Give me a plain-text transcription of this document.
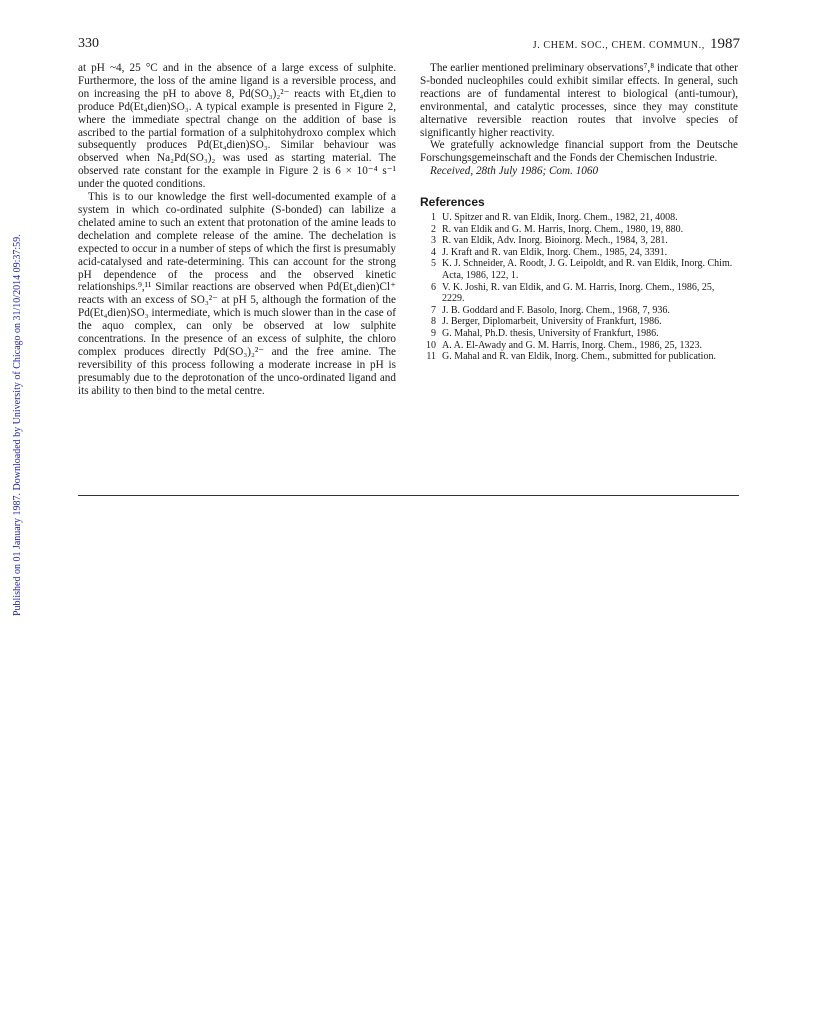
330	J. CHEM. SOC., CHEM. COMMUN., 1987
Published on 01 January 1987. Downloaded by University of Chicago on 31/10/2014 09:37:59.

at pH ~4, 25 °C and in the absence of a large excess of sulphite. Furthermore, the loss of the amine ligand is a reversible process, and on increasing the pH to above 8, Pd(SO₃)₂²⁻ reacts with Et₄dien to produce Pd(Et₄dien)SO₃. A typical example is presented in Figure 2, where the immediate spectral change on the addition of base is ascribed to the partial formation of a sulphitohydroxo complex which subsequently produces Pd(Et₄dien)SO₃. Similar behaviour was observed when Na₂Pd(SO₃)₂ was used as starting material. The observed rate constant for the example in Figure 2 is 6 × 10⁻⁴ s⁻¹ under the quoted conditions.

This is to our knowledge the first well-documented example of a system in which co-ordinated sulphite (S-bonded) can labilize a chelated amine to such an extent that protonation of the amine leads to dechelation and complete release of the amine. The dechelation is expected to occur in a number of steps of which the first is presumably acid-catalysed and rate-determining. This can account for the strong pH dependence of the process and the observed kinetic relationships.⁹,¹¹ Similar reactions are observed when Pd(Et₄dien)Cl⁺ reacts with an excess of SO₃²⁻ at pH 5, although the formation of the Pd(Et₄dien)SO₃ intermediate, which is much slower than in the case of the aquo complex, can only be observed at low sulphite concentrations. In the presence of an excess of sulphite, the chloro complex produces directly Pd(SO₃)₂²⁻ and the free amine. The reversibility of this process following a moderate increase in pH is presumably due to the deprotonation of the unco-ordinated ligand and its ability to then bind to the metal centre.

The earlier mentioned preliminary observations⁷,⁸ indicate that other S-bonded nucleophiles could exhibit similar effects. In general, such reactions are of fundamental interest to biological (anti-tumour), environmental, and catalytic processes, since they may constitute alternative reversible reaction routes that involve species of significantly higher reactivity.

We gratefully acknowledge financial support from the Deutsche Forschungsgemeinschaft and the Fonds der Chemischen Industrie.

Received, 28th July 1986; Com. 1060

References
1 U. Spitzer and R. van Eldik, Inorg. Chem., 1982, 21, 4008.
2 R. van Eldik and G. M. Harris, Inorg. Chem., 1980, 19, 880.
3 R. van Eldik, Adv. Inorg. Bioinorg. Mech., 1984, 3, 281.
4 J. Kraft and R. van Eldik, Inorg. Chem., 1985, 24, 3391.
5 K. J. Schneider, A. Roodt, J. G. Leipoldt, and R. van Eldik, Inorg. Chim. Acta, 1986, 122, 1.
6 V. K. Joshi, R. van Eldik, and G. M. Harris, Inorg. Chem., 1986, 25, 2229.
7 J. B. Goddard and F. Basolo, Inorg. Chem., 1968, 7, 936.
8 J. Berger, Diplomarbeit, University of Frankfurt, 1986.
9 G. Mahal, Ph.D. thesis, University of Frankfurt, 1986.
10 A. A. El-Awady and G. M. Harris, Inorg. Chem., 1986, 25, 1323.
11 G. Mahal and R. van Eldik, Inorg. Chem., submitted for publication.
